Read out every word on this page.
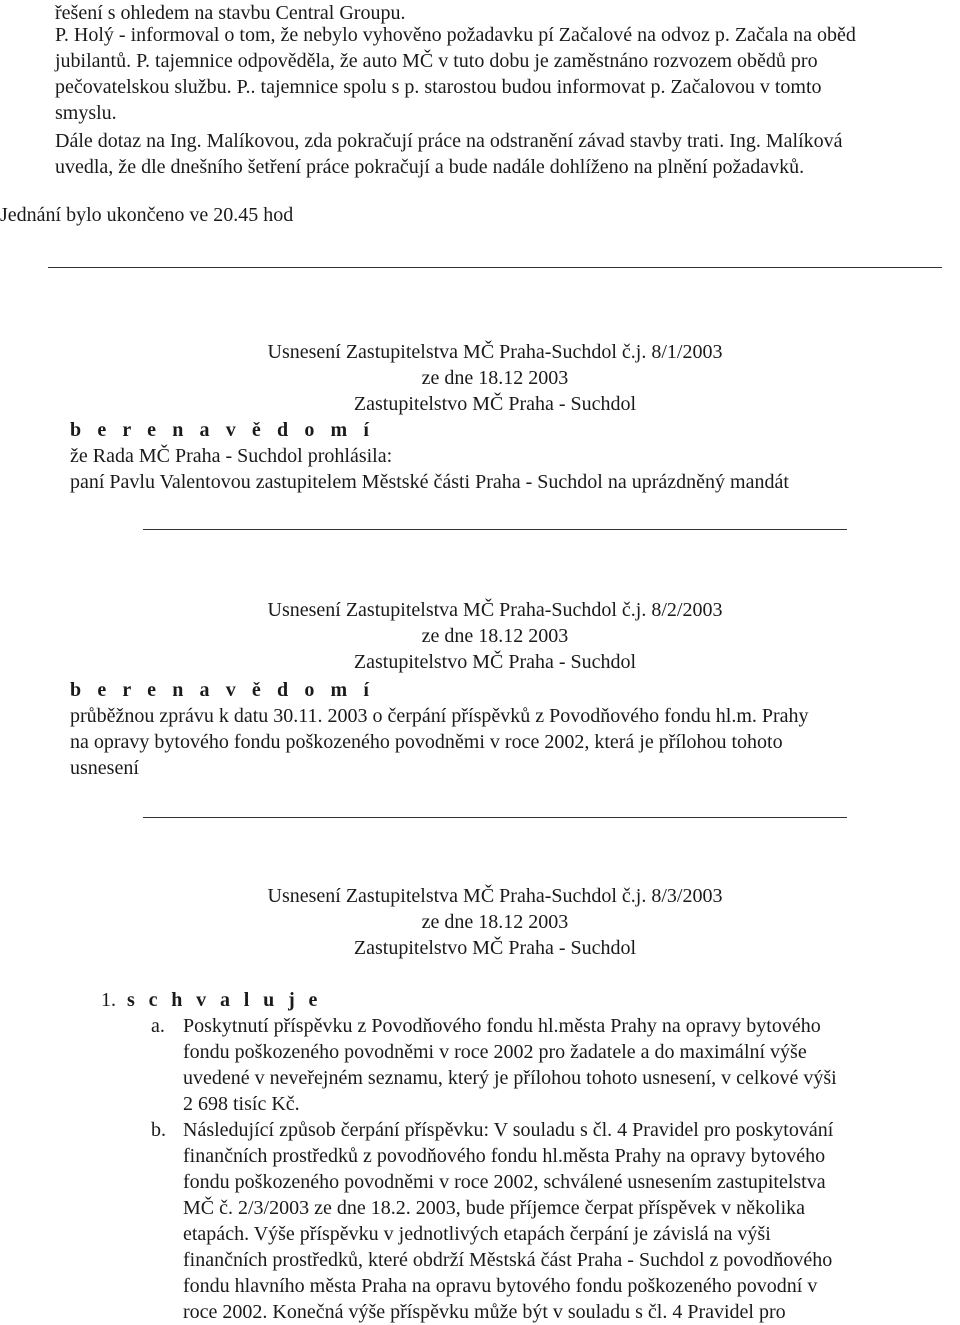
řešení s ohledem na stavbu Central Groupu.
P. Holý - informoval o tom, že nebylo vyhověno požadavku pí Začalové na odvoz p. Začala na oběd
jubilantů. P. tajemnice odpověděla, že auto MČ v tuto dobu je zaměstnáno rozvozem obědů pro
pečovatelskou službu. P.. tajemnice spolu s p. starostou budou informovat p. Začalovou v tomto
smyslu.
Dále dotaz na Ing. Malíkovou, zda pokračují práce na odstranění závad stavby trati. Ing. Malíková
uvedla, že dle dnešního šetření práce pokračují a bude nadále dohlíženo na plnění požadavků.
Jednání bylo ukončeno ve 20.45 hod
Usnesení Zastupitelstva MČ Praha-Suchdol č.j. 8/1/2003
ze dne 18.12 2003
Zastupitelstvo MČ Praha - Suchdol
b e r e n a v ě d o m í
že Rada MČ Praha - Suchdol prohlásila:
paní Pavlu Valentovou zastupitelem Městské části Praha - Suchdol na uprázdněný mandát
Usnesení Zastupitelstva MČ Praha-Suchdol č.j. 8/2/2003
ze dne 18.12 2003
Zastupitelstvo MČ Praha - Suchdol
b e r e n a v ě d o m í
průběžnou zprávu k datu 30.11. 2003 o čerpání příspěvků z Povodňového fondu hl.m. Prahy
na opravy bytového fondu poškozeného povodněmi v roce 2002, která je přílohou tohoto
usnesení
Usnesení Zastupitelstva MČ Praha-Suchdol č.j. 8/3/2003
ze dne 18.12 2003
Zastupitelstvo MČ Praha - Suchdol
1. s c h v a l u j e
a. Poskytnutí příspěvku z Povodňového fondu hl.města Prahy na opravy bytového
fondu poškozeného povodněmi v roce 2002 pro žadatele a do maximální výše
uvedené v neveřejném seznamu, který je přílohou tohoto usnesení, v celkové výši
2 698 tisíc Kč.
b. Následující způsob čerpání příspěvku: V souladu s čl. 4 Pravidel pro poskytování
finančních prostředků z povodňového fondu hl.města Prahy na opravy bytového
fondu poškozeného povodněmi v roce 2002, schválené usnesením zastupitelstva
MČ č. 2/3/2003 ze dne 18.2. 2003, bude příjemce čerpat příspěvek v několika
etapách. Výše příspěvku v jednotlivých etapách čerpání je závislá na výši
finančních prostředků, které obdrží Městská část Praha - Suchdol z povodňového
fondu hlavního města Praha na opravu bytového fondu poškozeného povodní v
roce 2002. Konečná výše příspěvku může být v souladu s čl. 4 Pravidel pro
